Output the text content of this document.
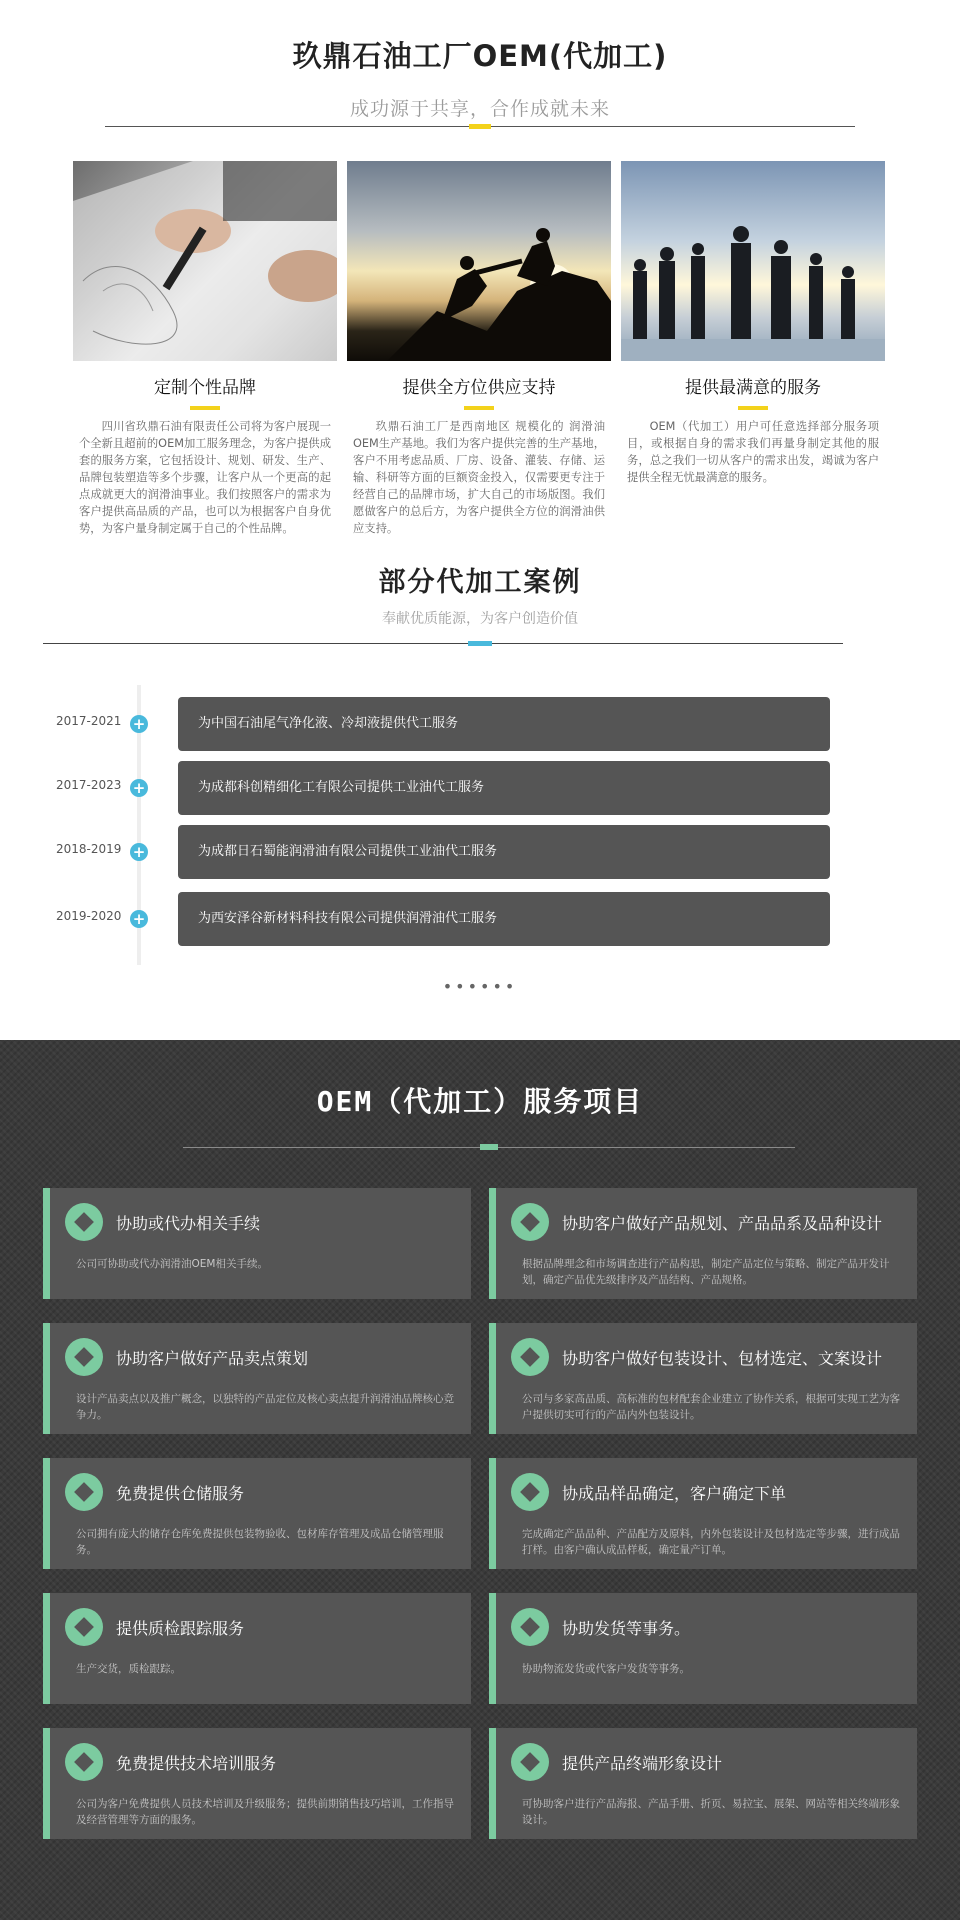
玖鼎石油工厂OEM(代加工)
成功源于共享，合作成就未来
定制个性品牌

四川省玖鼎石油有限责任公司将为客户展现一个全新且超前的OEM加工服务理念，为客户提供成套的服务方案，它包括设计、规划、研发、生产、品牌包装塑造等多个步骤，让客户从一个更高的起点成就更大的润滑油事业。我们按照客户的需求为客户提供高品质的产品，也可以为根据客户自身优势，为客户量身制定属于自己的个性品牌。

提供全方位供应支持

玖鼎石油工厂是西南地区 规模化的 润滑油OEM生产基地。我们为客户提供完善的生产基地，客户不用考虑品质、厂房、设备、灌装、存储、运输、科研等方面的巨额资金投入，仅需要更专注于经营自己的品牌市场，扩大自己的市场版图。我们愿做客户的总后方，为客户提供全方位的润滑油供应支持。

提供最满意的服务

OEM（代加工）用户可任意选择部分服务项目，或根据自身的需求我们再量身制定其他的服务，总之我们一切从客户的需求出发，竭诚为客户提供全程无忧最满意的服务。

部分代加工案例
奉献优质能源，为客户创造价值
2017-2021 +	为中国石油尾气净化液、冷却液提供代工服务
2017-2023 +	为成都科创精细化工有限公司提供工业油代工服务
2018-2019 +	为成都日石蜀能润滑油有限公司提供工业油代工服务
2019-2020 +	为西安泽谷新材料科技有限公司提供润滑油代工服务
••••••
OEM（代加工）服务项目
协助或代办相关手续

公司可协助或代办润滑油OEM相关手续。

协助客户做好产品规划、产品品系及品种设计

根据品牌理念和市场调查进行产品构思，制定产品定位与策略、制定产品开发计划，确定产品优先级排序及产品结构、产品规格。

协助客户做好产品卖点策划

设计产品卖点以及推广概念，以独特的产品定位及核心卖点提升润滑油品牌核心竞争力。

协助客户做好包装设计、包材选定、文案设计

公司与多家高品质、高标准的包材配套企业建立了协作关系，根据可实现工艺为客户提供切实可行的产品内外包装设计。

免费提供仓储服务

公司拥有庞大的储存仓库免费提供包装物验收、包材库存管理及成品仓储管理服务。

协成品样品确定，客户确定下单

完成确定产品品种、产品配方及原料，内外包装设计及包材选定等步骤，进行成品打样。由客户确认成品样板，确定量产订单。

提供质检跟踪服务

生产交货，质检跟踪。

协助发货等事务。

协助物流发货或代客户发货等事务。

免费提供技术培训服务

公司为客户免费提供人员技术培训及升级服务；提供前期销售技巧培训，工作指导及经营管理等方面的服务。

提供产品终端形象设计

可协助客户进行产品海报、产品手册、折页、易拉宝、展架、网站等相关终端形象设计。
